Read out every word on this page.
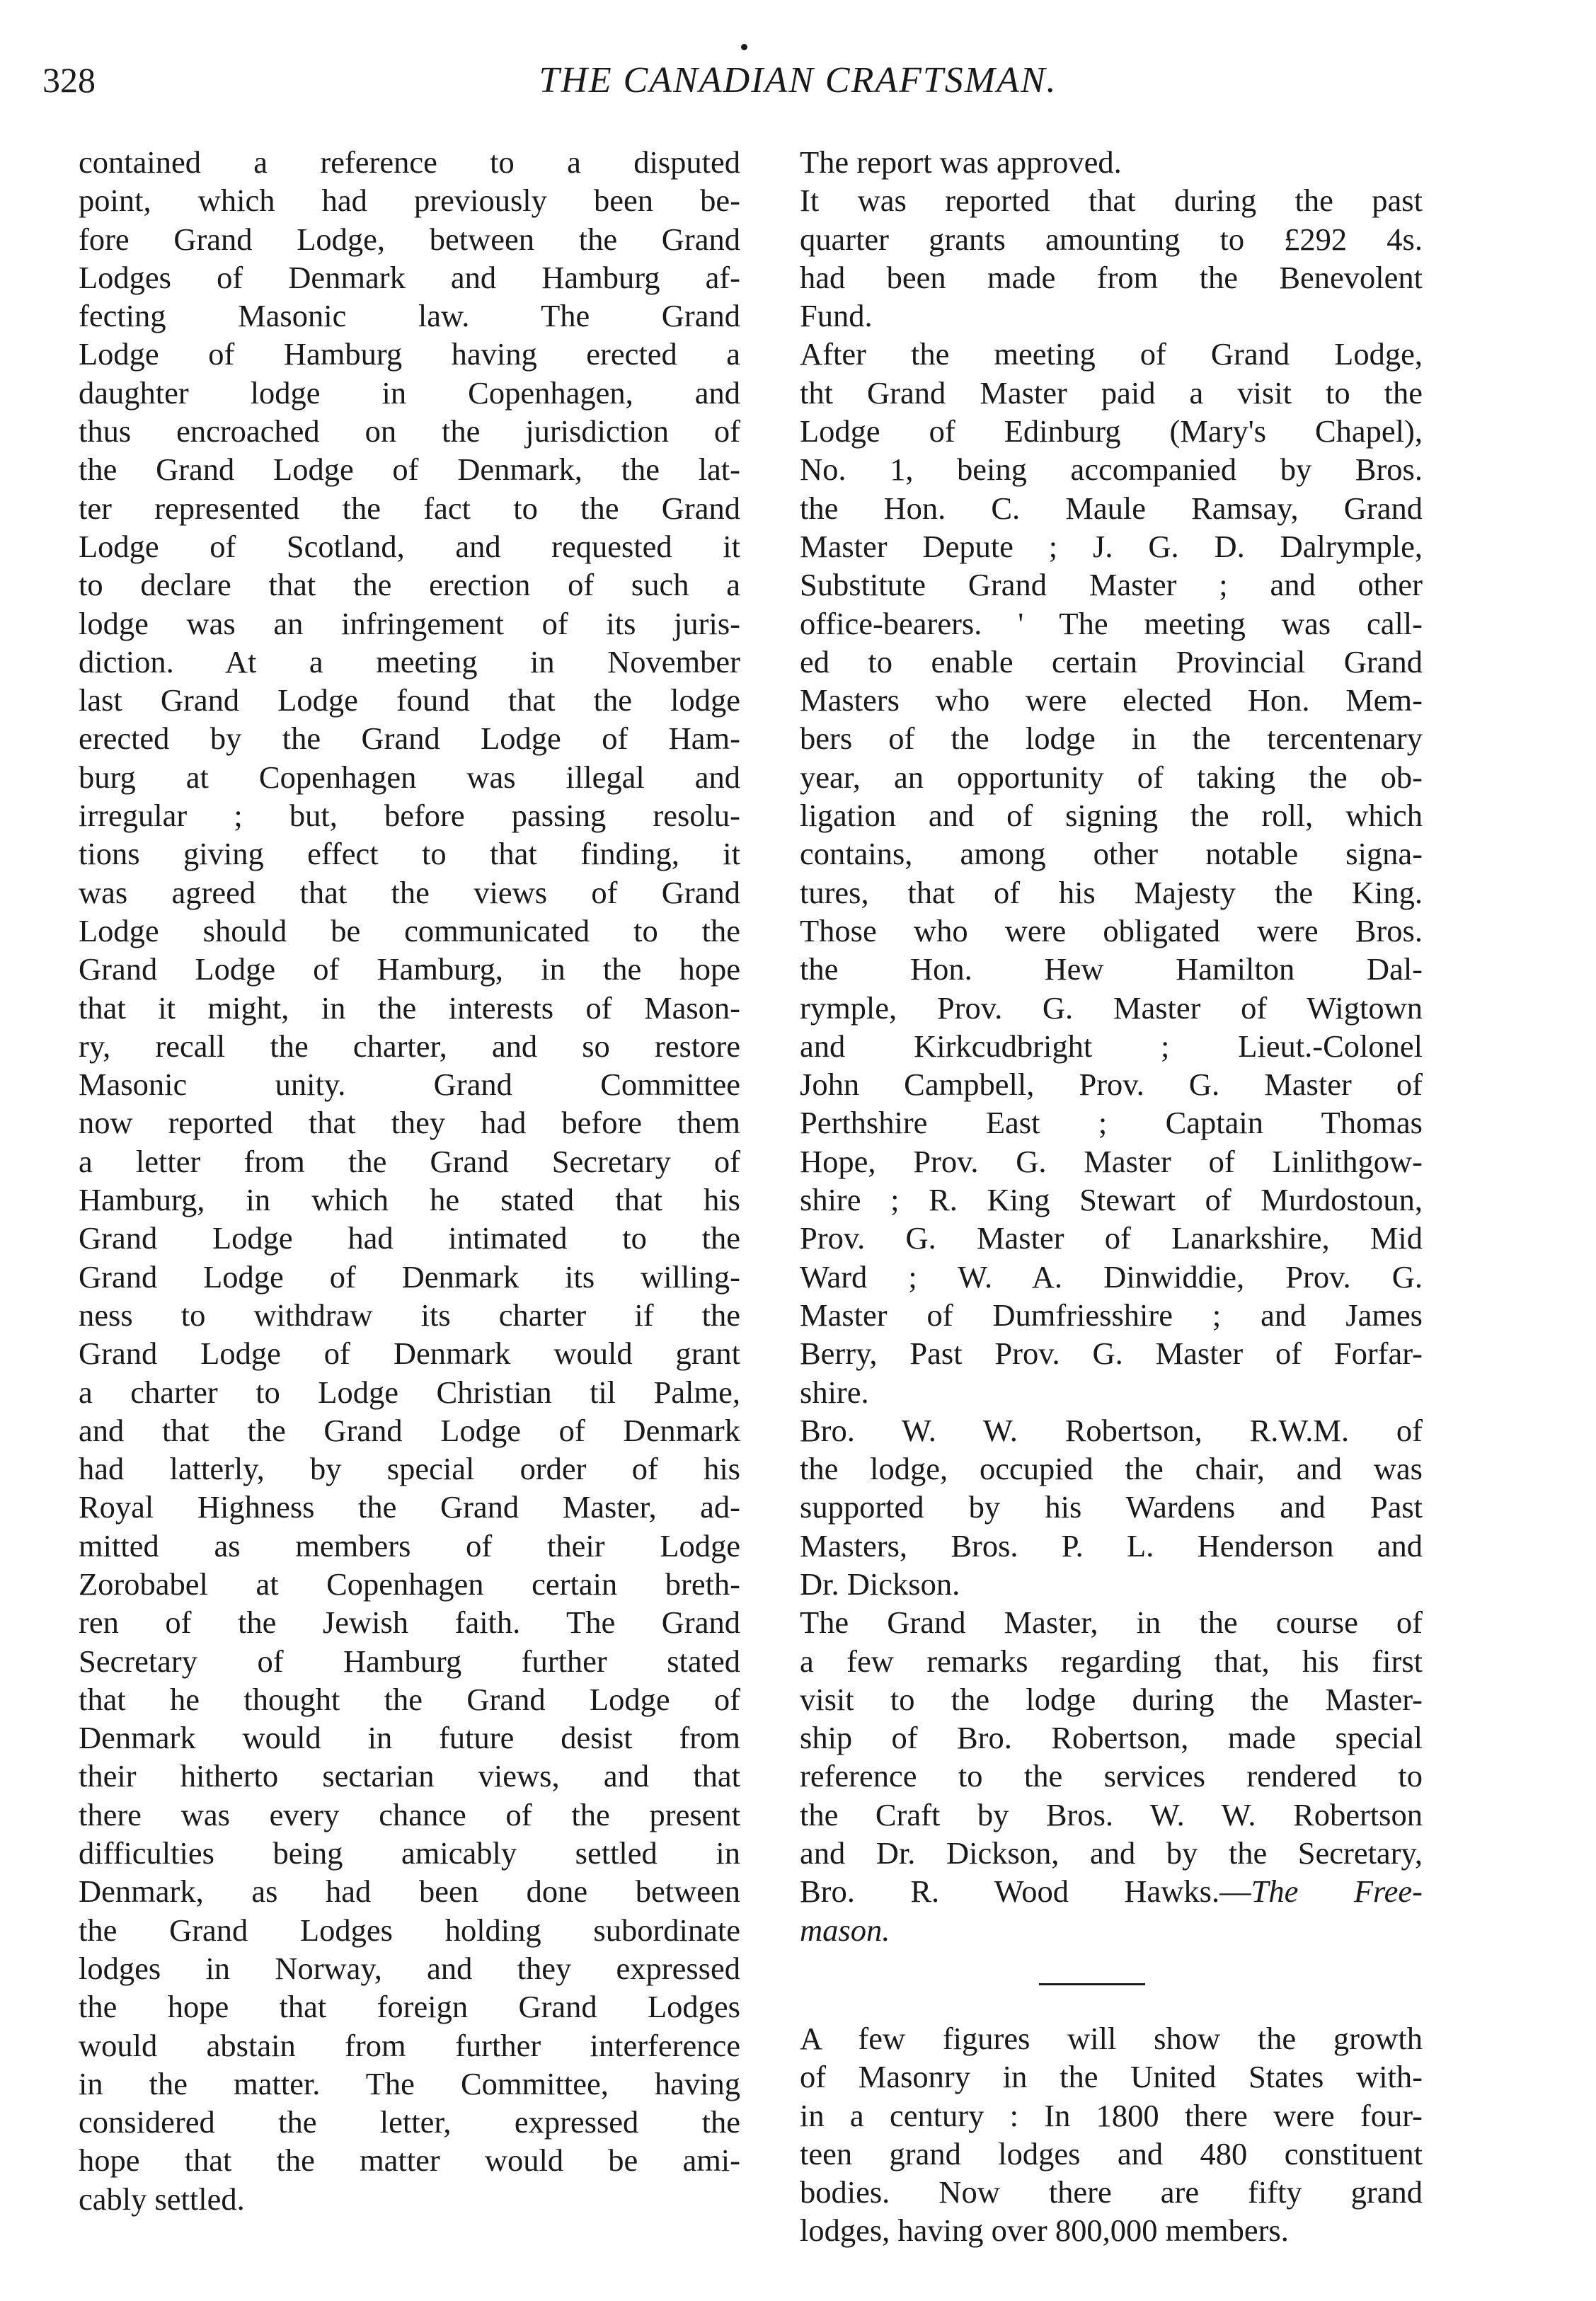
328	THE CANADIAN CRAFTSMAN.

contained a reference to a disputed
point, which had previously been be-
fore Grand Lodge, between the Grand
Lodges of Denmark and Hamburg af-
fecting Masonic law. The Grand
Lodge of Hamburg having erected a
daughter lodge in Copenhagen, and
thus encroached on the jurisdiction of
the Grand Lodge of Denmark, the lat-
ter represented the fact to the Grand
Lodge of Scotland, and requested it
to declare that the erection of such a
lodge was an infringement of its juris-
diction. At a meeting in November
last Grand Lodge found that the lodge
erected by the Grand Lodge of Ham-
burg at Copenhagen was illegal and
irregular ; but, before passing resolu-
tions giving effect to that finding, it
was agreed that the views of Grand
Lodge should be communicated to the
Grand Lodge of Hamburg, in the hope
that it might, in the interests of Mason-
ry, recall the charter, and so restore
Masonic unity. Grand Committee
now reported that they had before them
a letter from the Grand Secretary of
Hamburg, in which he stated that his
Grand Lodge had intimated to the
Grand Lodge of Denmark its willing-
ness to withdraw its charter if the
Grand Lodge of Denmark would grant
a charter to Lodge Christian til Palme,
and that the Grand Lodge of Denmark
had latterly, by special order of his
Royal Highness the Grand Master, ad-
mitted as members of their Lodge
Zorobabel at Copenhagen certain breth-
ren of the Jewish faith. The Grand
Secretary of Hamburg further stated
that he thought the Grand Lodge of
Denmark would in future desist from
their hitherto sectarian views, and that
there was every chance of the present
difficulties being amicably settled in
Denmark, as had been done between
the Grand Lodges holding subordinate
lodges in Norway, and they expressed
the hope that foreign Grand Lodges
would abstain from further interference
in the matter. The Committee, having
considered the letter, expressed the
hope that the matter would be ami-
cably settled.

The report was approved.

It was reported that during the past
quarter grants amounting to £292 4s.
had been made from the Benevolent
Fund.

After the meeting of Grand Lodge,
tht Grand Master paid a visit to the
Lodge of Edinburg (Mary's Chapel),
No. 1, being accompanied by Bros.
the Hon. C. Maule Ramsay, Grand
Master Depute ; J. G. D. Dalrymple,
Substitute Grand Master ; and other
office-bearers. ' The meeting was call-
ed to enable certain Provincial Grand
Masters who were elected Hon. Mem-
bers of the lodge in the tercentenary
year, an opportunity of taking the ob-
ligation and of signing the roll, which
contains, among other notable signa-
tures, that of his Majesty the King.
Those who were obligated were Bros.
the Hon. Hew Hamilton Dal-
rymple, Prov. G. Master of Wigtown
and Kirkcudbright ; Lieut.-Colonel
John Campbell, Prov. G. Master of
Perthshire East ; Captain Thomas
Hope, Prov. G. Master of Linlithgow-
shire ; R. King Stewart of Murdostoun,
Prov. G. Master of Lanarkshire, Mid
Ward ; W. A. Dinwiddie, Prov. G.
Master of Dumfriesshire ; and James
Berry, Past Prov. G. Master of Forfar-
shire.

Bro. W. W. Robertson, R.W.M. of
the lodge, occupied the chair, and was
supported by his Wardens and Past
Masters, Bros. P. L. Henderson and
Dr. Dickson.

The Grand Master, in the course of
a few remarks regarding that, his first
visit to the lodge during the Master-
ship of Bro. Robertson, made special
reference to the services rendered to
the Craft by Bros. W. W. Robertson
and Dr. Dickson, and by the Secretary,
Bro. R. Wood Hawks.—The Free-
mason.

A few figures will show the growth
of Masonry in the United States with-
in a century : In 1800 there were four-
teen grand lodges and 480 constituent
bodies. Now there are fifty grand
lodges, having over 800,000 members.
